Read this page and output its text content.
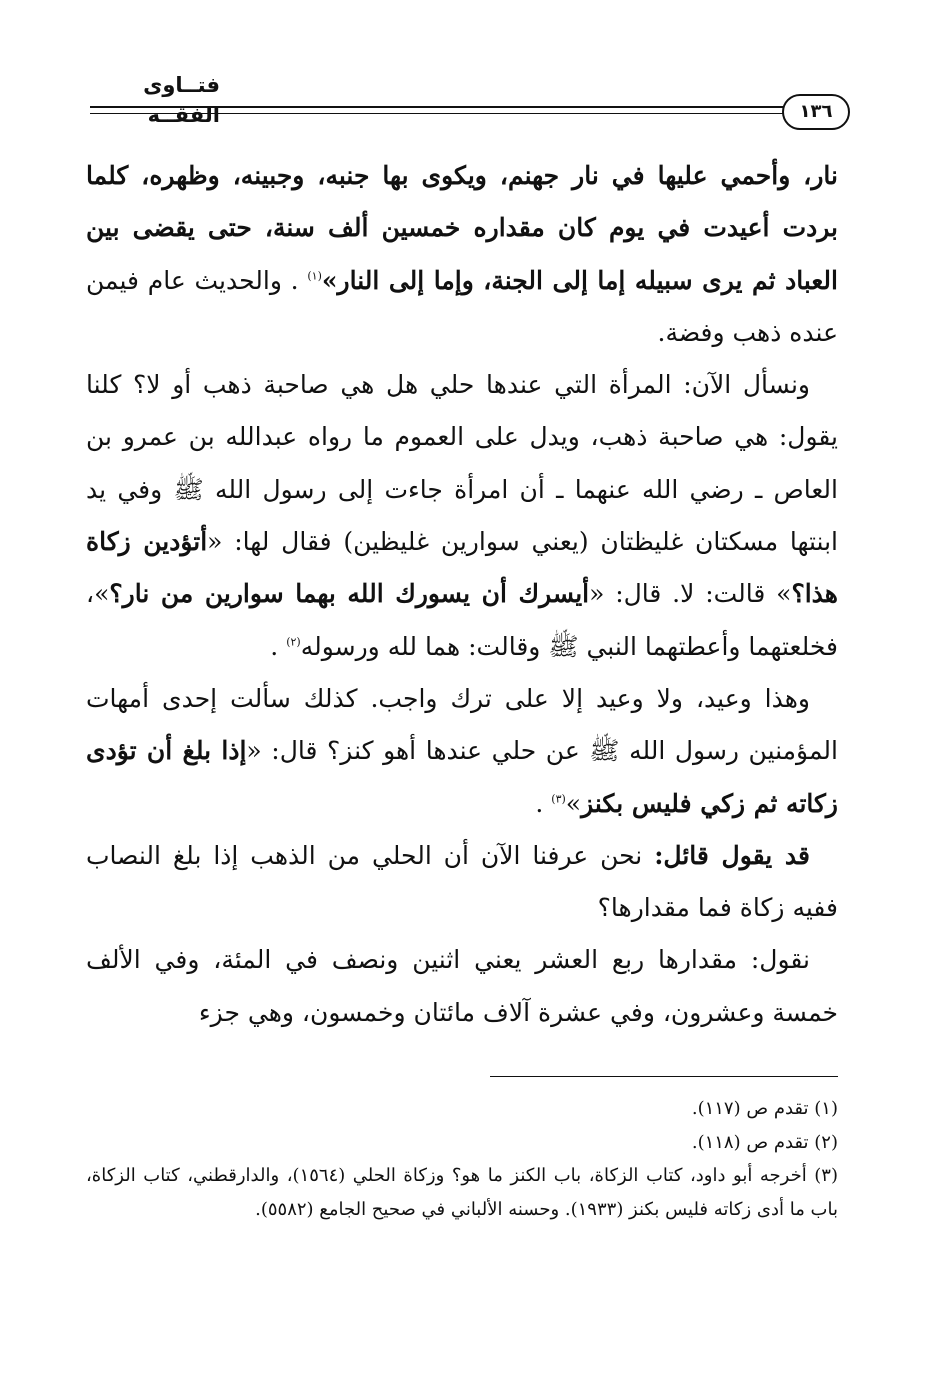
فتــاوى الفقــه	١٣٦

نار، وأحمي عليها في نار جهنم، ويكوى بها جنبه، وجبينه، وظهره، كلما بردت أعيدت في يوم كان مقداره خمسين ألف سنة، حتى يقضى بين العباد ثم يرى سبيله إما إلى الجنة، وإما إلى النار»$^{(١)}$ . والحديث عام فيمن عنده ذهب وفضة.

ونسأل الآن: المرأة التي عندها حلي هل هي صاحبة ذهب أو لا؟ كلنا يقول: هي صاحبة ذهب، ويدل على العموم ما رواه عبدالله بن عمرو بن العاص ـ رضي الله عنهما ـ أن امرأة جاءت إلى رسول الله ﷺ وفي يد ابنتها مسكتان غليظتان (يعني سوارين غليظين) فقال لها: «أتؤدين زكاة هذا؟» قالت: لا. قال: «أيسرك أن يسورك الله بهما سوارين من نار؟»، فخلعتهما وأعطتهما النبي ﷺ وقالت: هما لله ورسوله$^{(٢)}$ .

وهذا وعيد، ولا وعيد إلا على ترك واجب. كذلك سألت إحدى أمهات المؤمنين رسول الله ﷺ عن حلي عندها أهو كنز؟ قال: «إذا بلغ أن تؤدى زكاته ثم زكي فليس بكنز»$^{(٣)}$ .

قد يقول قائل: نحن عرفنا الآن أن الحلي من الذهب إذا بلغ النصاب ففيه زكاة فما مقدارها؟

نقول: مقدارها ربع العشر يعني اثنين ونصف في المئة، وفي الألف خمسة وعشرون، وفي عشرة آلاف مائتان وخمسون، وهي جزء

(١) تقدم ص (١١٧).

(٢) تقدم ص (١١٨).

(٣) أخرجه أبو داود، كتاب الزكاة، باب الكنز ما هو؟ وزكاة الحلي (١٥٦٤)، والدارقطني، كتاب الزكاة، باب ما أدى زكاته فليس بكنز (١٩٣٣). وحسنه الألباني في صحيح الجامع (٥٥٨٢).
